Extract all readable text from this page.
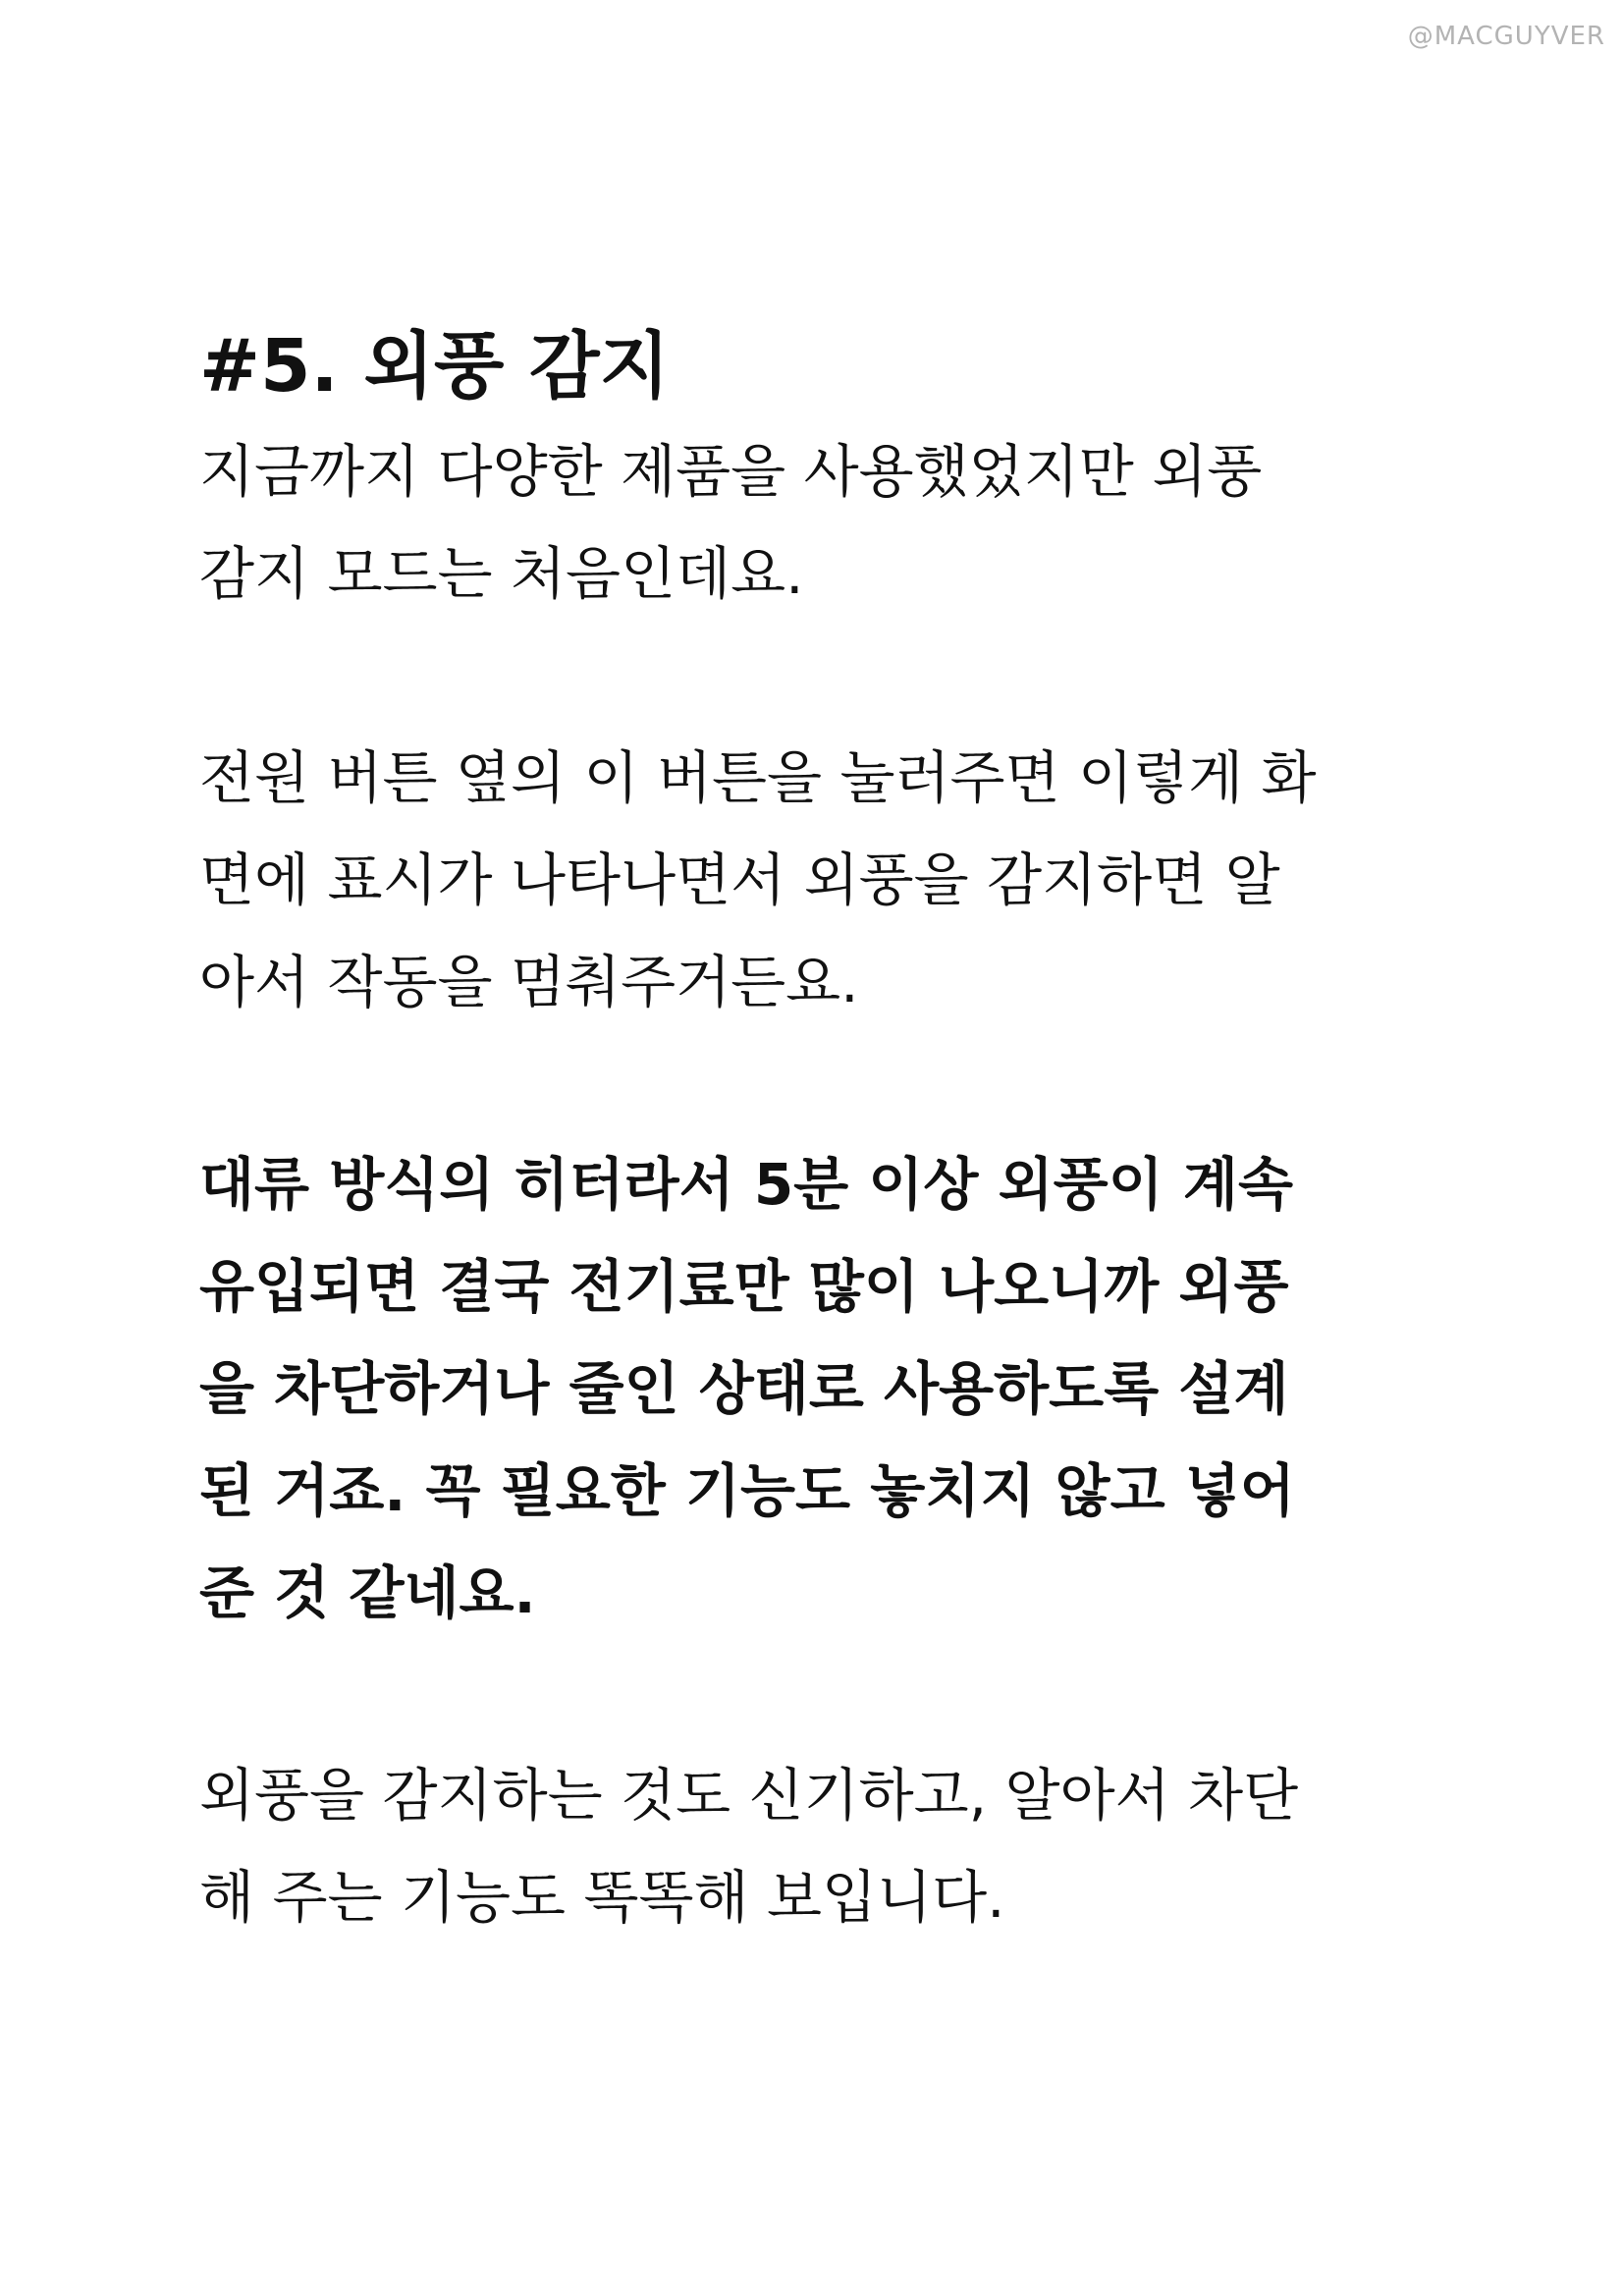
@MACGUYVER
#5. 외풍 감지

지금까지 다양한 제품을 사용했었지만 외풍
감지 모드는 처음인데요.

전원 버튼 옆의 이 버튼을 눌러주면 이렇게 화
면에 표시가 나타나면서 외풍을 감지하면 알
아서 작동을 멈춰주거든요.

대류 방식의 히터라서 5분 이상 외풍이 계속
유입되면 결국 전기료만 많이 나오니까 외풍
을 차단하거나 줄인 상태로 사용하도록 설계
된 거죠. 꼭 필요한 기능도 놓치지 않고 넣어
준 것 같네요.

외풍을 감지하는 것도 신기하고, 알아서 차단
해 주는 기능도 똑똑해 보입니다.
